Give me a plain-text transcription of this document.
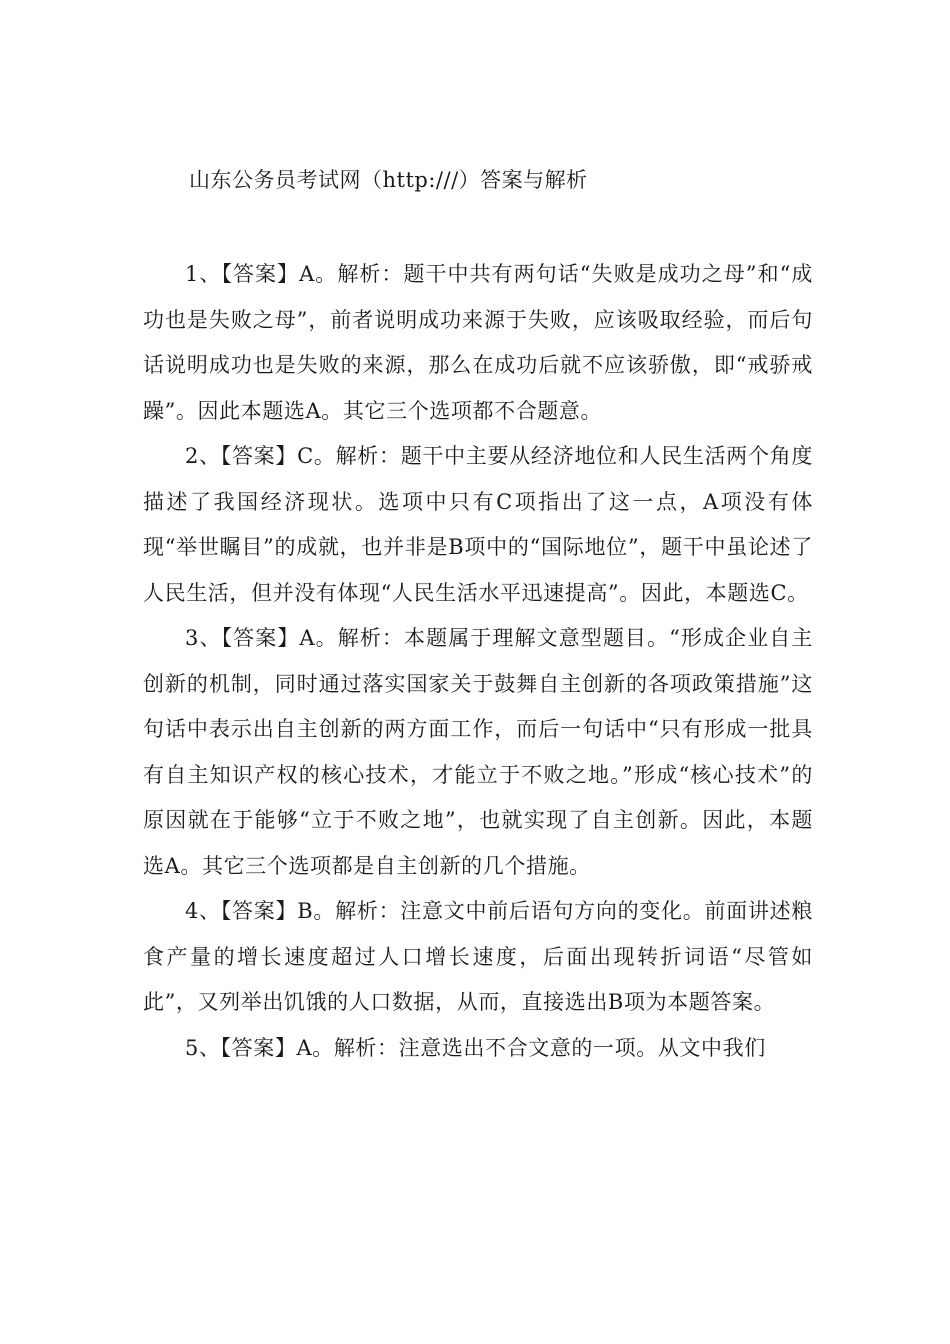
山东公务员考试网（http:///）答案与解析

1、【答案】A。解析：题干中共有两句话“失败是成功之母”和“成功也是失败之母”，前者说明成功来源于失败，应该吸取经验，而后句话说明成功也是失败的来源，那么在成功后就不应该骄傲，即“戒骄戒躁”。因此本题选A。其它三个选项都不合题意。

2、【答案】C。解析：题干中主要从经济地位和人民生活两个角度描述了我国经济现状。选项中只有C项指出了这一点，A项没有体现“举世瞩目”的成就，也并非是B项中的“国际地位”，题干中虽论述了人民生活，但并没有体现“人民生活水平迅速提高”。因此，本题选C。

3、【答案】A。解析：本题属于理解文意型题目。“形成企业自主创新的机制，同时通过落实国家关于鼓舞自主创新的各项政策措施”这句话中表示出自主创新的两方面工作，而后一句话中“只有形成一批具有自主知识产权的核心技术，才能立于不败之地。”形成“核心技术”的原因就在于能够“立于不败之地”，也就实现了自主创新。因此，本题选A。其它三个选项都是自主创新的几个措施。

4、【答案】B。解析：注意文中前后语句方向的变化。前面讲述粮食产量的增长速度超过人口增长速度，后面出现转折词语“尽管如此”，又列举出饥饿的人口数据，从而，直接选出B项为本题答案。

5、【答案】A。解析：注意选出不合文意的一项。从文中我们
